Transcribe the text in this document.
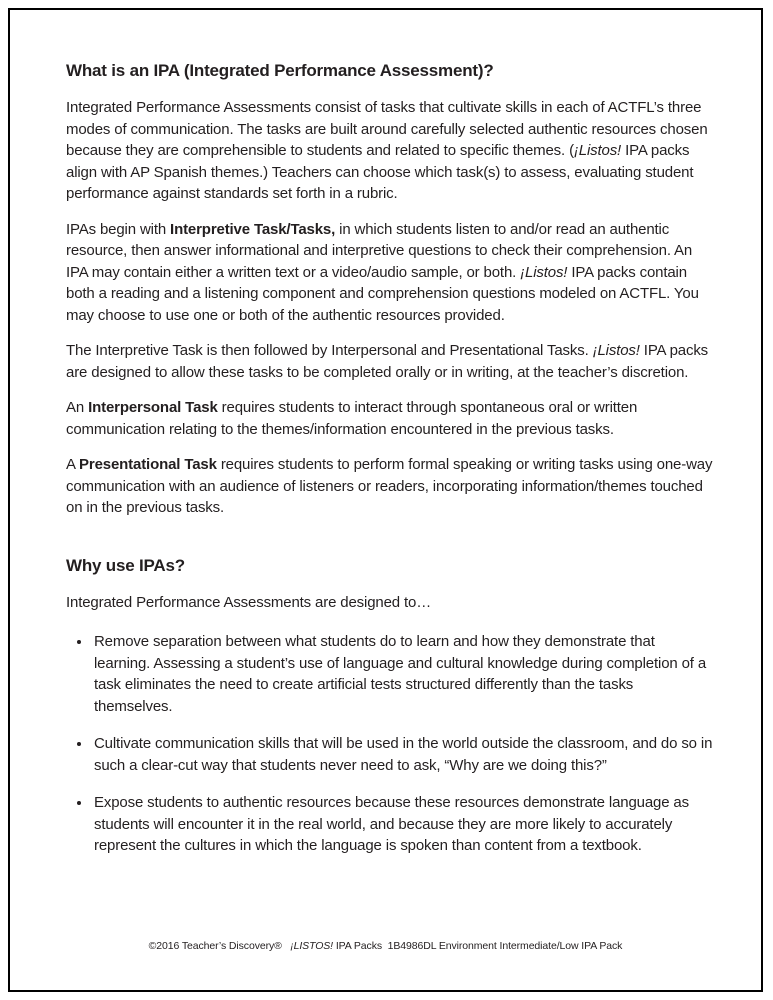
What is an IPA (Integrated Performance Assessment)?

Integrated Performance Assessments consist of tasks that cultivate skills in each of ACTFL’s three modes of communication. The tasks are built around carefully selected authentic resources chosen because they are comprehensible to students and related to specific themes. (¡Listos! IPA packs align with AP Spanish themes.) Teachers can choose which task(s) to assess, evaluating student performance against standards set forth in a rubric.

IPAs begin with Interpretive Task/Tasks, in which students listen to and/or read an authentic resource, then answer informational and interpretive questions to check their comprehension. An IPA may contain either a written text or a video/audio sample, or both. ¡Listos! IPA packs contain both a reading and a listening component and comprehension questions modeled on ACTFL. You may choose to use one or both of the authentic resources provided.

The Interpretive Task is then followed by Interpersonal and Presentational Tasks. ¡Listos! IPA packs are designed to allow these tasks to be completed orally or in writing, at the teacher’s discretion.

An Interpersonal Task requires students to interact through spontaneous oral or written communication relating to the themes/information encountered in the previous tasks.

A Presentational Task requires students to perform formal speaking or writing tasks using one-way communication with an audience of listeners or readers, incorporating information/themes touched on in the previous tasks.

Why use IPAs?

Integrated Performance Assessments are designed to…

• Remove separation between what students do to learn and how they demonstrate that learning. Assessing a student’s use of language and cultural knowledge during completion of a task eliminates the need to create artificial tests structured differently than the tasks themselves.
• Cultivate communication skills that will be used in the world outside the classroom, and do so in such a clear-cut way that students never need to ask, “Why are we doing this?”
• Expose students to authentic resources because these resources demonstrate language as students will encounter it in the real world, and because they are more likely to accurately represent the cultures in which the language is spoken than content from a textbook.
©2016 Teacher’s Discovery®   ¡LISTOS! IPA Packs  1B4986DL Environment Intermediate/Low IPA Pack
